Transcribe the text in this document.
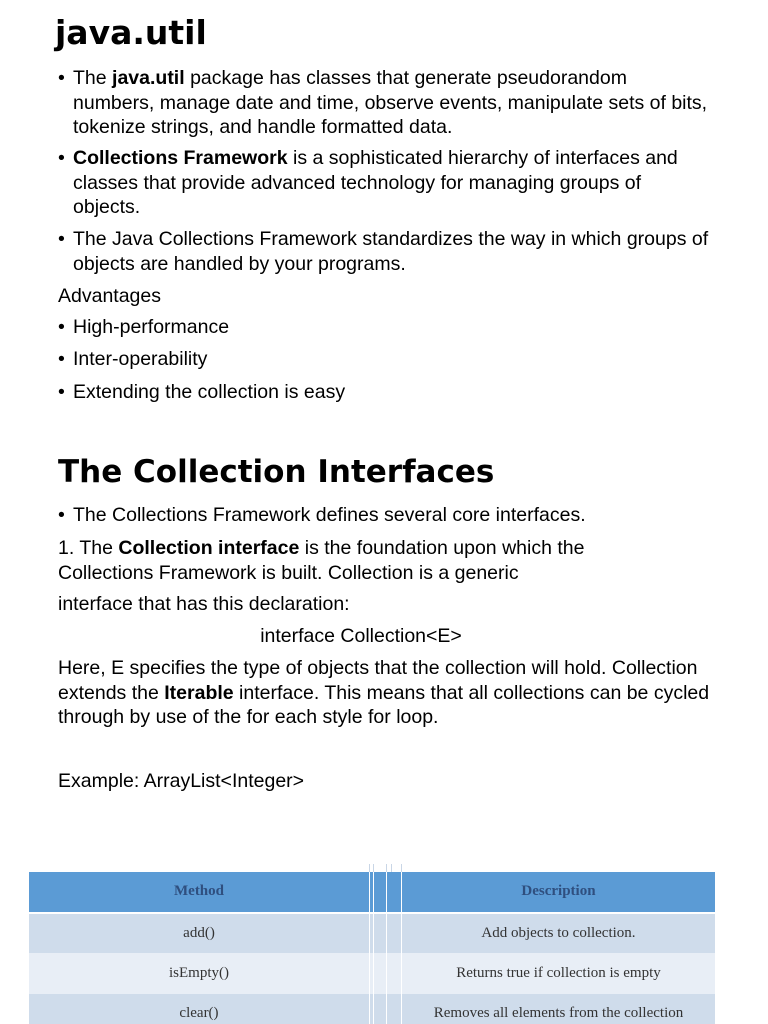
java.util
• The java.util package has classes that generate pseudorandom numbers, manage date and time, observe events, manipulate sets of bits, tokenize strings, and handle formatted data.
• Collections Framework is a sophisticated hierarchy of interfaces and classes that provide advanced technology for managing groups of objects.
• The Java Collections Framework standardizes the way in which groups of objects are handled by your programs.
Advantages
• High-performance
• Inter-operability
• Extending the collection is easy
The Collection Interfaces
• The Collections Framework defines several core interfaces.
1. The Collection interface is the foundation upon which the Collections Framework is built. Collection is a generic
interface that has this declaration:
interface Collection<E>
Here, E specifies the type of objects that the collection will hold. Collection extends the Iterable interface. This means that all collections can be cycled through by use of the for each style for loop.
Example: ArrayList<Integer>
Method		Description
add()		Add objects to collection.
isEmpty()		Returns true if collection is empty
clear()		Removes all elements from the collection
